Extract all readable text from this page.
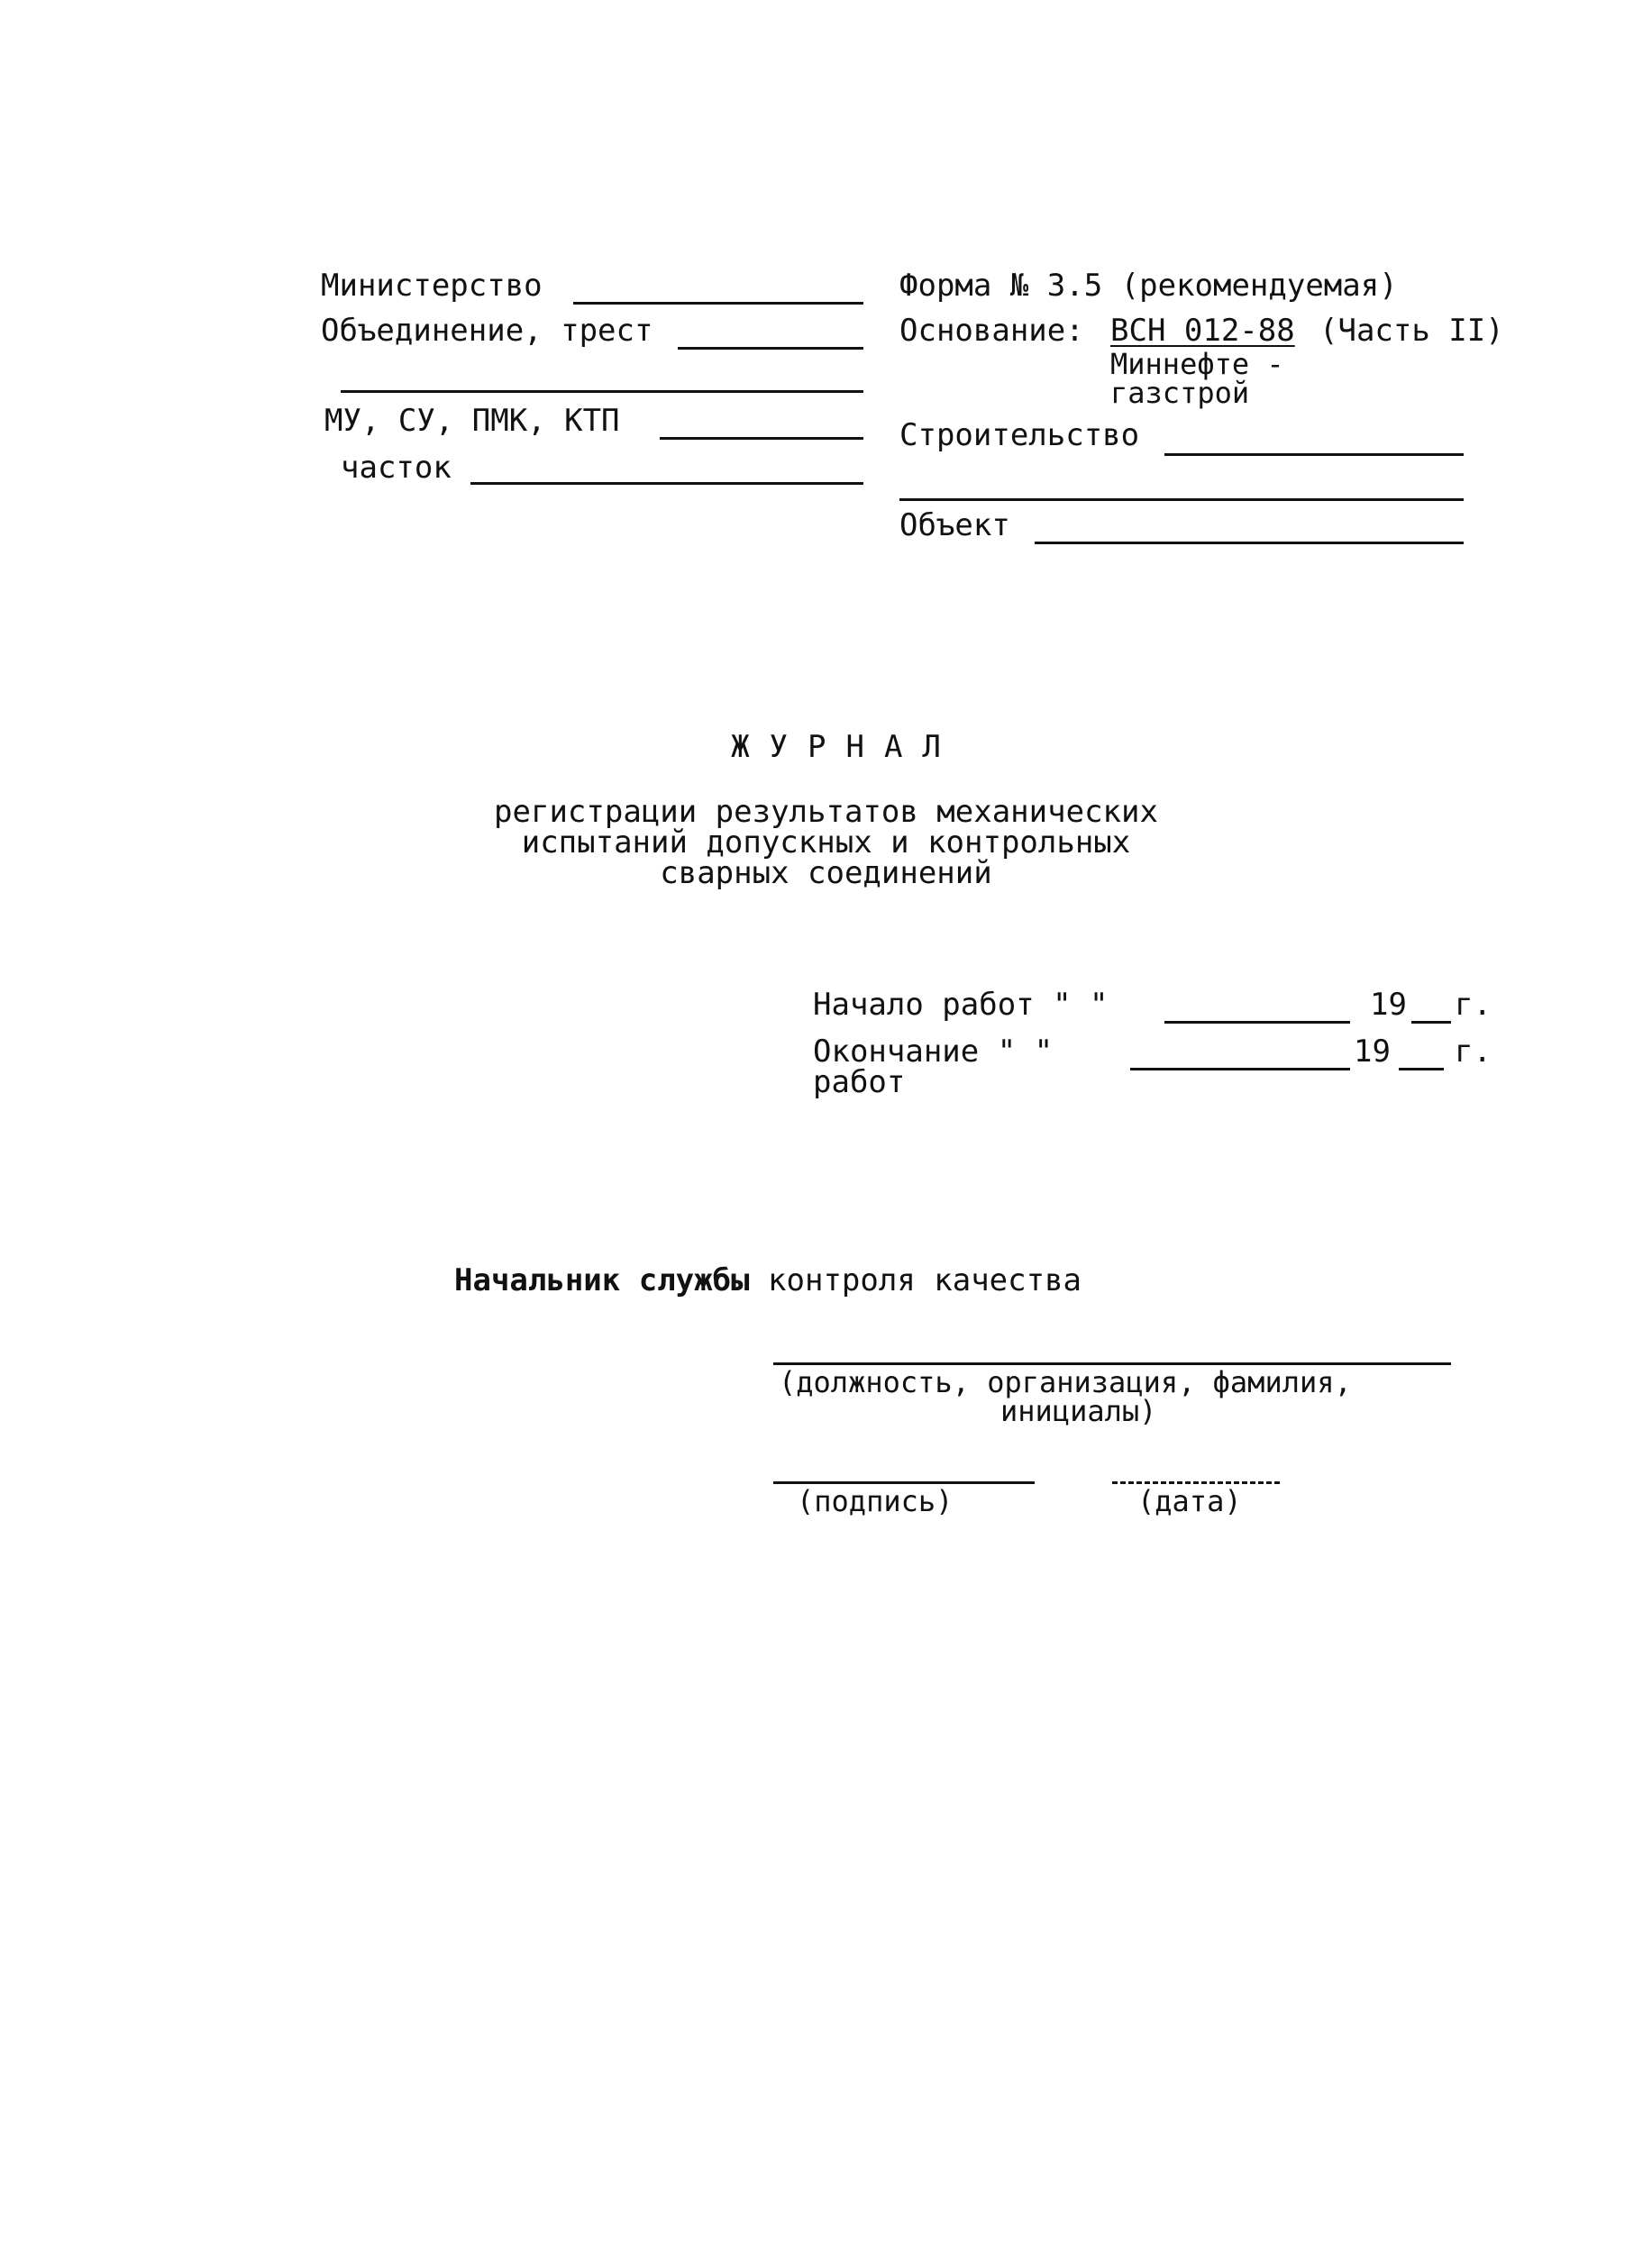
Министерство
Объединение, трест
МУ, СУ, ПМК, КТП
часток
Форма № 3.5 (рекомендуемая)
Основание: ВСН 012-88 (Часть II)
Миннефте -
газстрой
Строительство
Объект
ЖУРНАЛ
регистрации результатов механических
испытаний допускных и контрольных
сварных соединений
Начало работ " "	19 г.
Окончание " "
работ
19 г.
Начальник службы контроля качества
(должность, организация, фамилия,
инициалы)
(подпись)	(дата)
